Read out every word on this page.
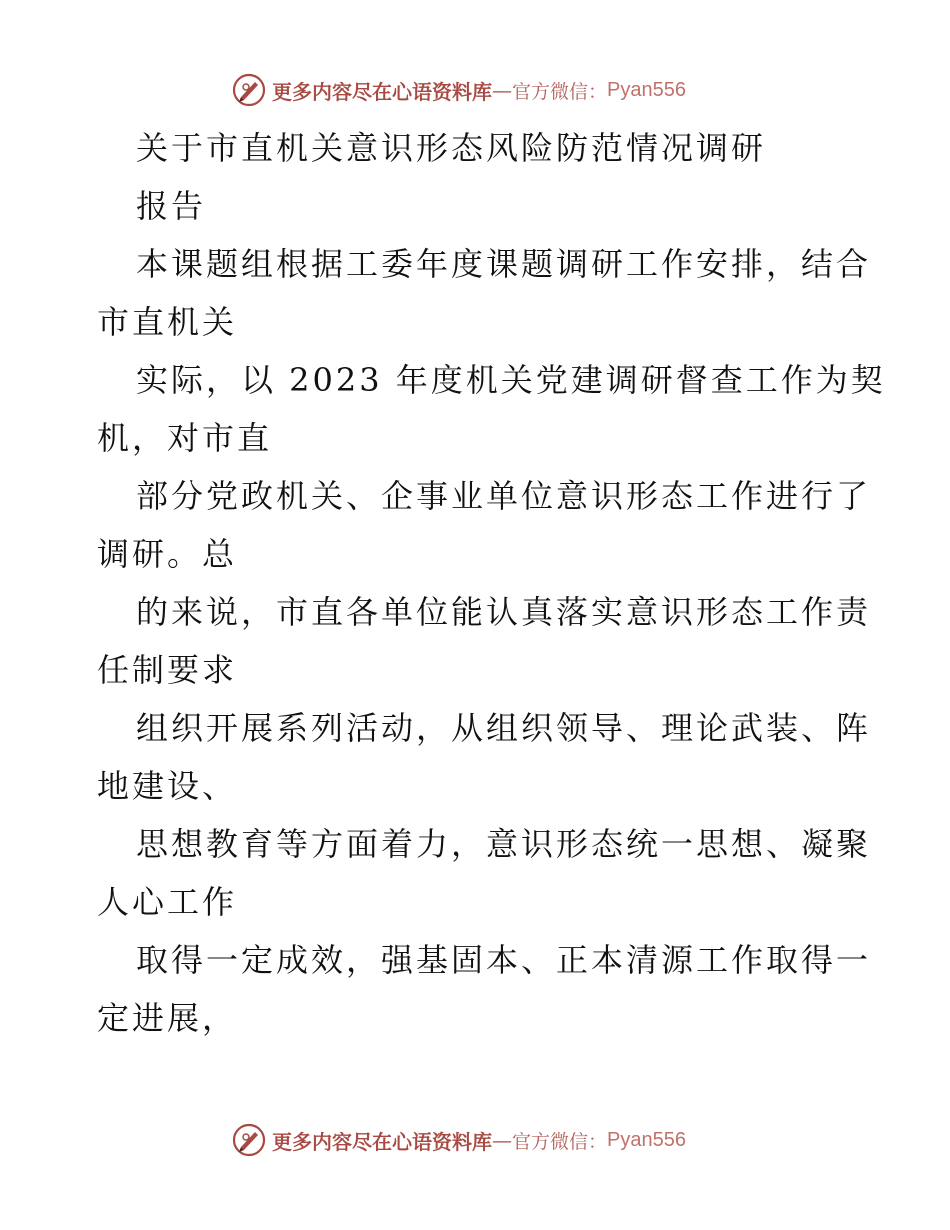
更多内容尽在心语资料库 — 官方微信： Pyan556
关于市直机关意识形态风险防范情况调研
报告
本课题组根据工委年度课题调研工作安排，结合
市直机关
实际，以 2023 年度机关党建调研督查工作为契
机，对市直
部分党政机关、企事业单位意识形态工作进行了
调研。总
的来说，市直各单位能认真落实意识形态工作责
任制要求
组织开展系列活动，从组织领导、理论武装、阵
地建设、
思想教育等方面着力，意识形态统一思想、凝聚
人心工作
取得一定成效，强基固本、正本清源工作取得一
定进展，
更多内容尽在心语资料库 — 官方微信： Pyan556
